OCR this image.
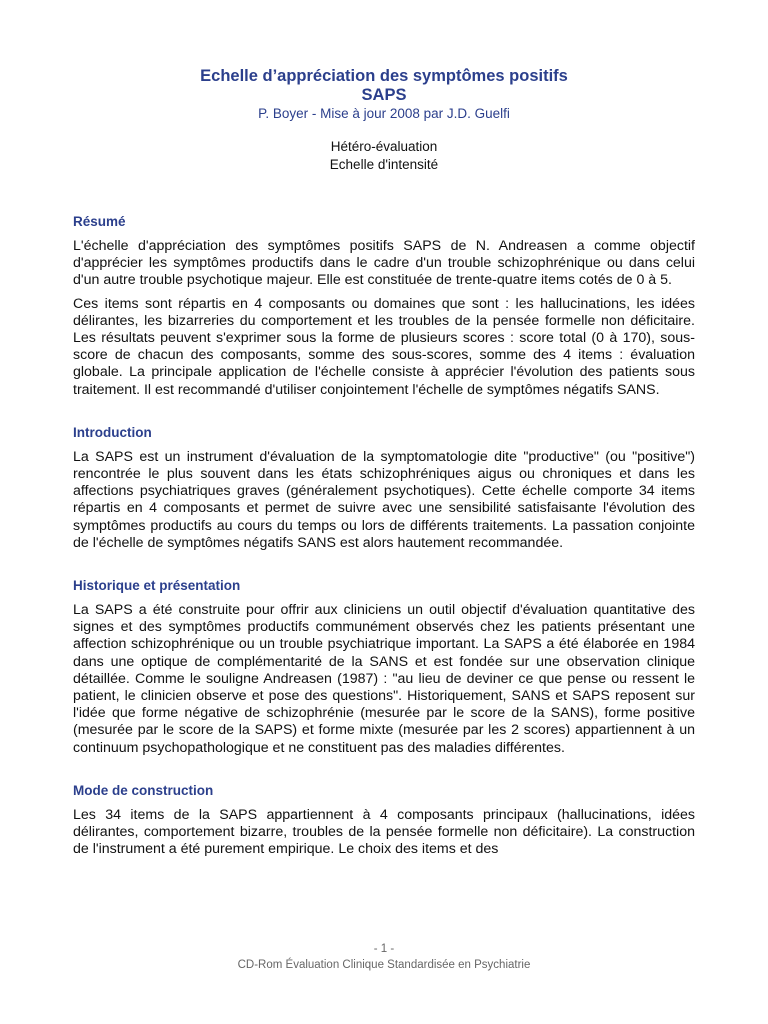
Echelle d’appréciation des symptômes positifs
SAPS
P. Boyer - Mise à jour 2008 par J.D. Guelfi
Hétéro-évaluation
Echelle d'intensité
Résumé

L'échelle d'appréciation des symptômes positifs SAPS de N. Andreasen a comme objectif d'apprécier les symptômes productifs dans le cadre d'un trouble schizophrénique ou dans celui d'un autre trouble psychotique majeur. Elle est constituée de trente-quatre items cotés de 0 à 5.

Ces items sont répartis en 4 composants ou domaines que sont : les hallucinations, les idées délirantes, les bizarreries du comportement et les troubles de la pensée formelle non déficitaire. Les résultats peuvent s'exprimer sous la forme de plusieurs scores : score total (0 à 170), sous-score de chacun des composants, somme des sous-scores, somme des 4 items : évaluation globale. La principale application de l'échelle consiste à apprécier l'évolution des patients sous traitement. Il est recommandé d'utiliser conjointement l'échelle de symptômes négatifs SANS.

Introduction

La SAPS est un instrument d'évaluation de la symptomatologie dite "productive" (ou "positive") rencontrée le plus souvent dans les états schizophréniques aigus ou chroniques et dans les affections psychiatriques graves (généralement psychotiques). Cette échelle comporte 34 items répartis en 4 composants et permet de suivre avec une sensibilité satisfaisante l'évolution des symptômes productifs au cours du temps ou lors de différents traitements. La passation conjointe de l'échelle de symptômes négatifs SANS est alors hautement recommandée.

Historique et présentation

La SAPS a été construite pour offrir aux cliniciens un outil objectif d'évaluation quantitative des signes et des symptômes productifs communément observés chez les patients présentant une affection schizophrénique ou un trouble psychiatrique important. La SAPS a été élaborée en 1984 dans une optique de complémentarité de la SANS et est fondée sur une observation clinique détaillée. Comme le souligne Andreasen (1987) : "au lieu de deviner ce que pense ou ressent le patient, le clinicien observe et pose des questions". Historiquement, SANS et SAPS reposent sur l'idée que forme négative de schizophrénie (mesurée par le score de la SANS), forme positive (mesurée par le score de la SAPS) et forme mixte (mesurée par les 2 scores) appartiennent à un continuum psychopathologique et ne constituent pas des maladies différentes.

Mode de construction

Les 34 items de la SAPS appartiennent à 4 composants principaux (hallucinations, idées délirantes, comportement bizarre, troubles de la pensée formelle non déficitaire). La construction de l'instrument a été purement empirique. Le choix des items et des

- 1 -
CD-Rom Évaluation Clinique Standardisée en Psychiatrie
